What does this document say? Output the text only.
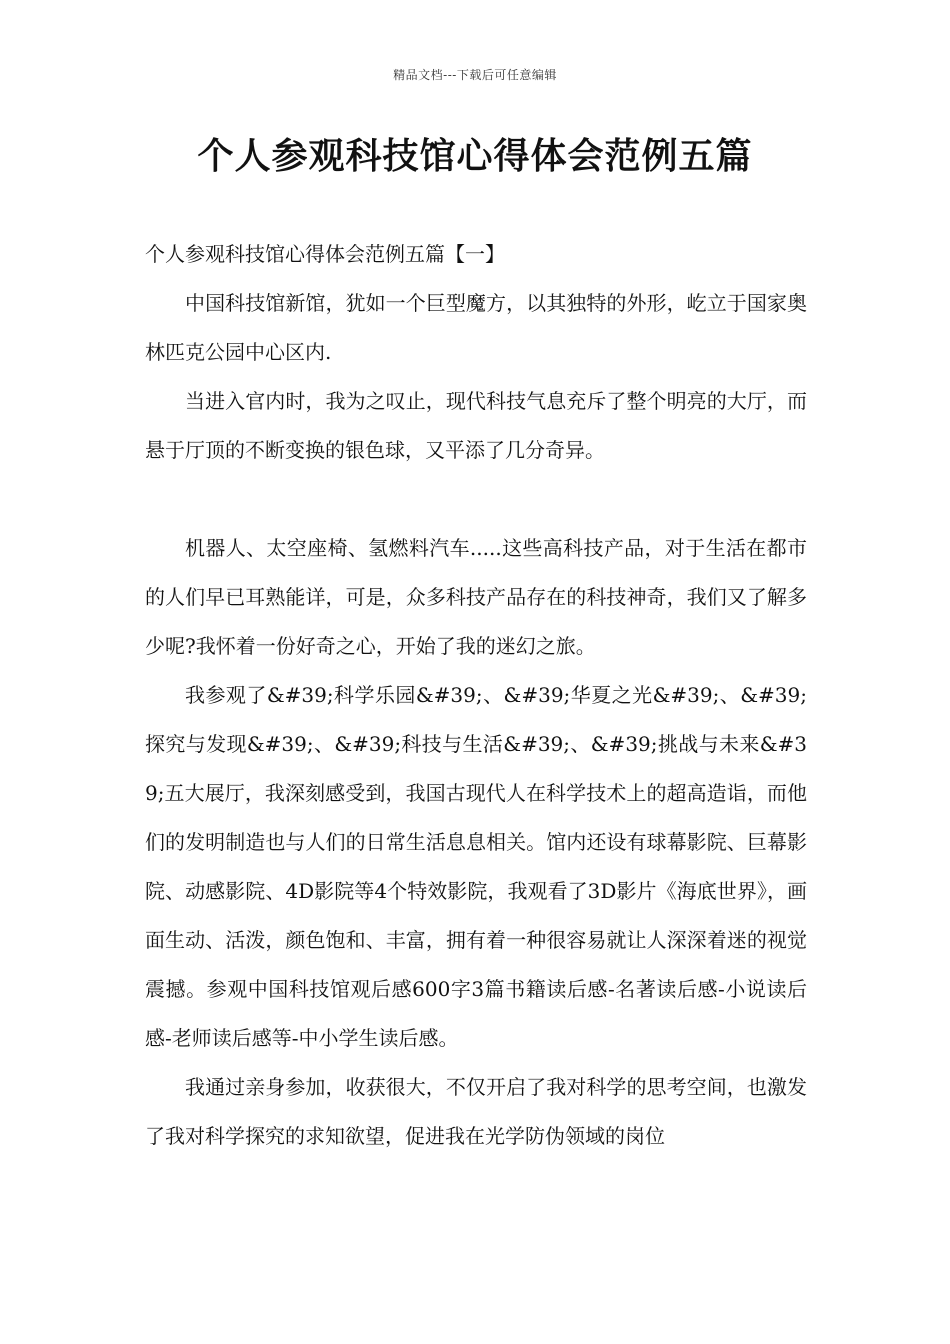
精品文档---下载后可任意编辑
个人参观科技馆心得体会范例五篇

个人参观科技馆心得体会范例五篇【一】

中国科技馆新馆，犹如一个巨型魔方，以其独特的外形，屹立于国家奥林匹克公园中心区内.

当进入官内时，我为之叹止，现代科技气息充斥了整个明亮的大厅，而悬于厅顶的不断变换的银色球，又平添了几分奇异。

机器人、太空座椅、氢燃料汽车.....这些高科技产品，对于生活在都市的人们早已耳熟能详，可是，众多科技产品存在的科技神奇，我们又了解多少呢?我怀着一份好奇之心，开始了我的迷幻之旅。

我参观了&#39;科学乐园&#39;、&#39;华夏之光&#39;、&#39;探究与发现&#39;、&#39;科技与生活&#39;、&#39;挑战与未来&#39;五大展厅，我深刻感受到，我国古现代人在科学技术上的超高造诣，而他们的发明制造也与人们的日常生活息息相关。馆内还设有球幕影院、巨幕影院、动感影院、4D影院等4个特效影院，我观看了3D影片《海底世界》，画面生动、活泼，颜色饱和、丰富，拥有着一种很容易就让人深深着迷的视觉震撼。参观中国科技馆观后感600字3篇书籍读后感-名著读后感-小说读后感-老师读后感等-中小学生读后感。

我通过亲身参加，收获很大，不仅开启了我对科学的思考空间，也激发了我对科学探究的求知欲望，促进我在光学防伪领域的岗位
